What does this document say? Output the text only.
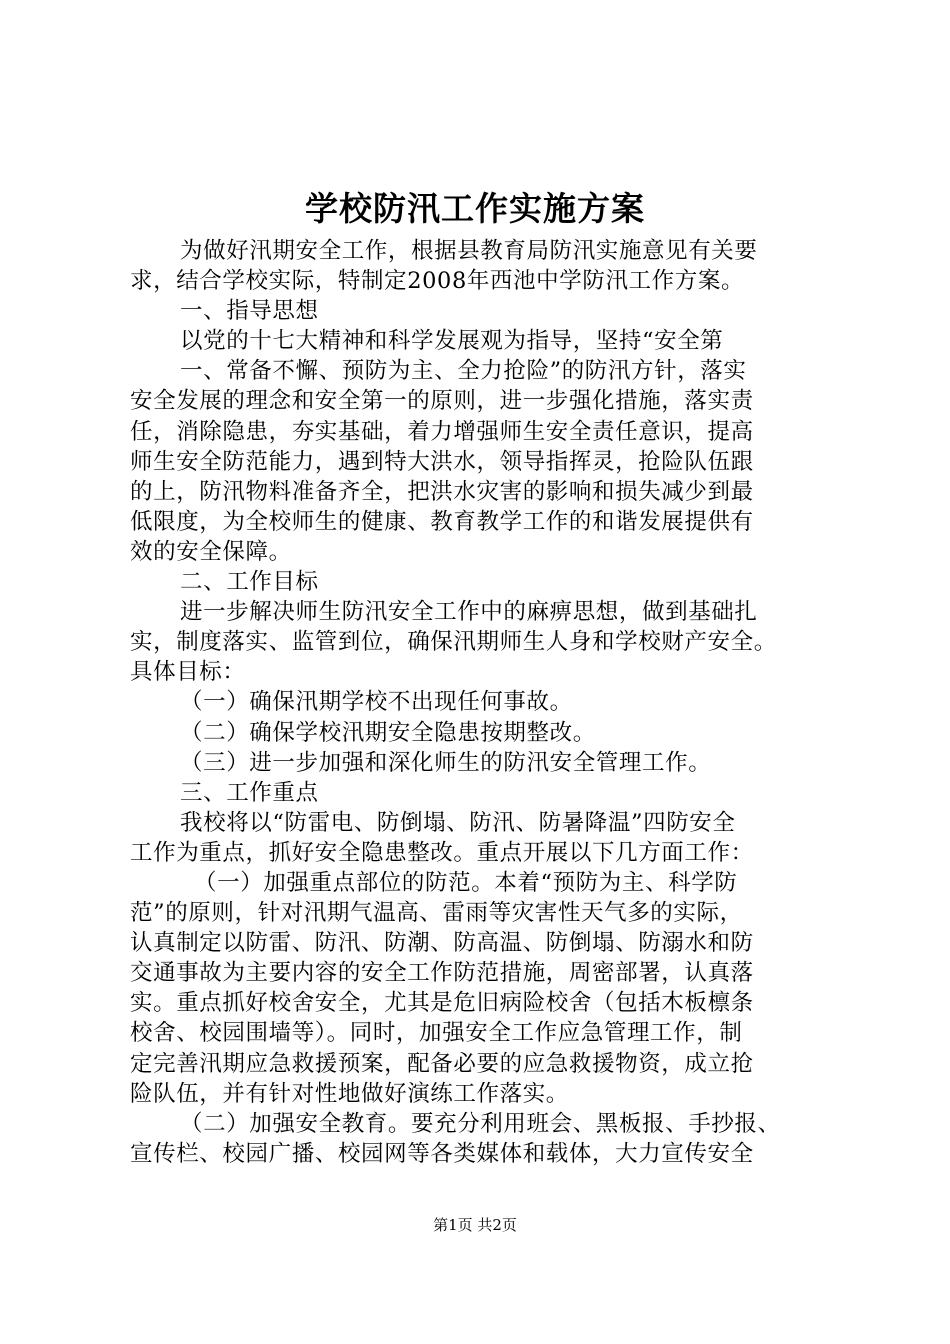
学校防汛工作实施方案
为做好汛期安全工作，根据县教育局防汛实施意见有关要
求，结合学校实际，特制定2008年西池中学防汛工作方案。
一、指导思想
以党的十七大精神和科学发展观为指导，坚持“安全第
一、常备不懈、预防为主、全力抢险”的防汛方针，落实
安全发展的理念和安全第一的原则，进一步强化措施，落实责
任，消除隐患，夯实基础，着力增强师生安全责任意识，提高
师生安全防范能力，遇到特大洪水，领导指挥灵，抢险队伍跟
的上，防汛物料准备齐全，把洪水灾害的影响和损失减少到最
低限度，为全校师生的健康、教育教学工作的和谐发展提供有
效的安全保障。
二、工作目标
进一步解决师生防汛安全工作中的麻痹思想，做到基础扎
实，制度落实、监管到位，确保汛期师生人身和学校财产安全。
具体目标：
（一）确保汛期学校不出现任何事故。
（二）确保学校汛期安全隐患按期整改。
（三）进一步加强和深化师生的防汛安全管理工作。
三、工作重点
我校将以“防雷电、防倒塌、防汛、防暑降温”四防安全
工作为重点，抓好安全隐患整改。重点开展以下几方面工作：
（一）加强重点部位的防范。本着“预防为主、科学防
范”的原则，针对汛期气温高、雷雨等灾害性天气多的实际，
认真制定以防雷、防汛、防潮、防高温、防倒塌、防溺水和防
交通事故为主要内容的安全工作防范措施，周密部署，认真落
实。重点抓好校舍安全，尤其是危旧病险校舍（包括木板檩条
校舍、校园围墙等）。同时，加强安全工作应急管理工作，制
定完善汛期应急救援预案，配备必要的应急救援物资，成立抢
险队伍，并有针对性地做好演练工作落实。
（二）加强安全教育。要充分利用班会、黑板报、手抄报、
宣传栏、校园广播、校园网等各类媒体和载体，大力宣传安全
第1页 共2页
